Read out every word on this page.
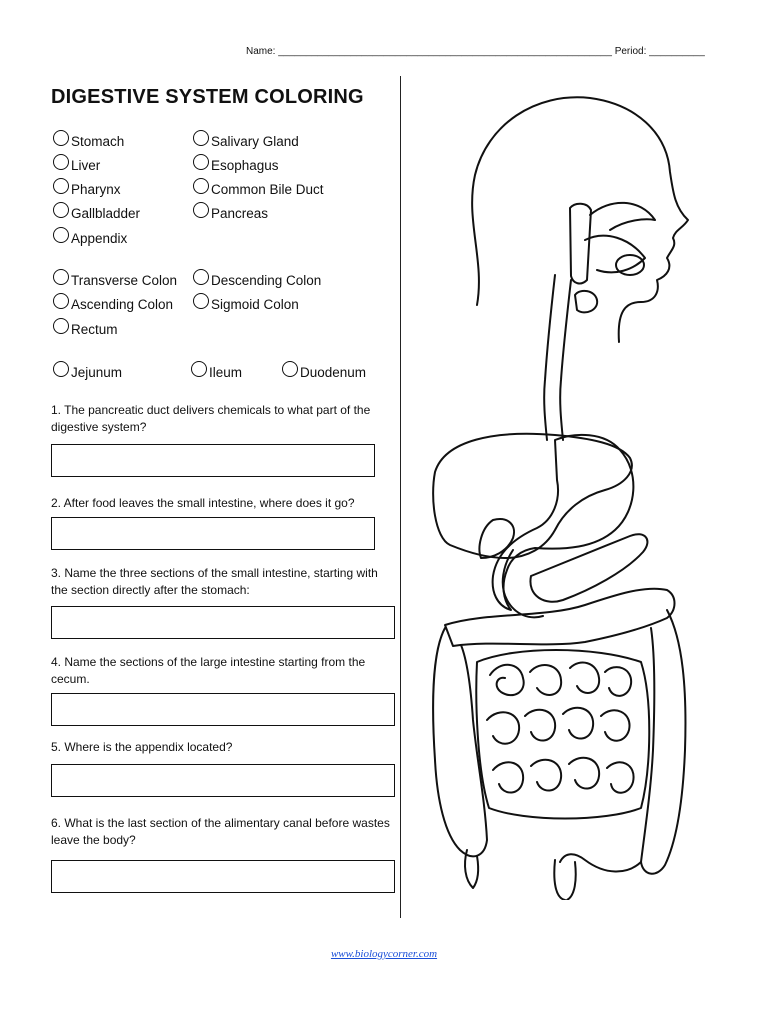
Name: ____________________________________________________________ Period: __________
DIGESTIVE SYSTEM COLORING
Stomach	Salivary Gland
Liver	Esophagus
Pharynx	Common Bile Duct
Gallbladder	Pancreas
Appendix
Transverse Colon	Descending Colon
Ascending Colon	Sigmoid Colon
Rectum
Jejunum	Ileum	Duodenum

1. The pancreatic duct delivers chemicals to what part of the digestive system?

2. After food leaves the small intestine, where does it go?

3. Name the three sections of the small intestine, starting with the section directly after the stomach:

4. Name the sections of the large intestine starting from the cecum.

5. Where is the appendix located?

6. What is the last section of the alimentary canal before wastes leave the body?

www.biologycorner.com
